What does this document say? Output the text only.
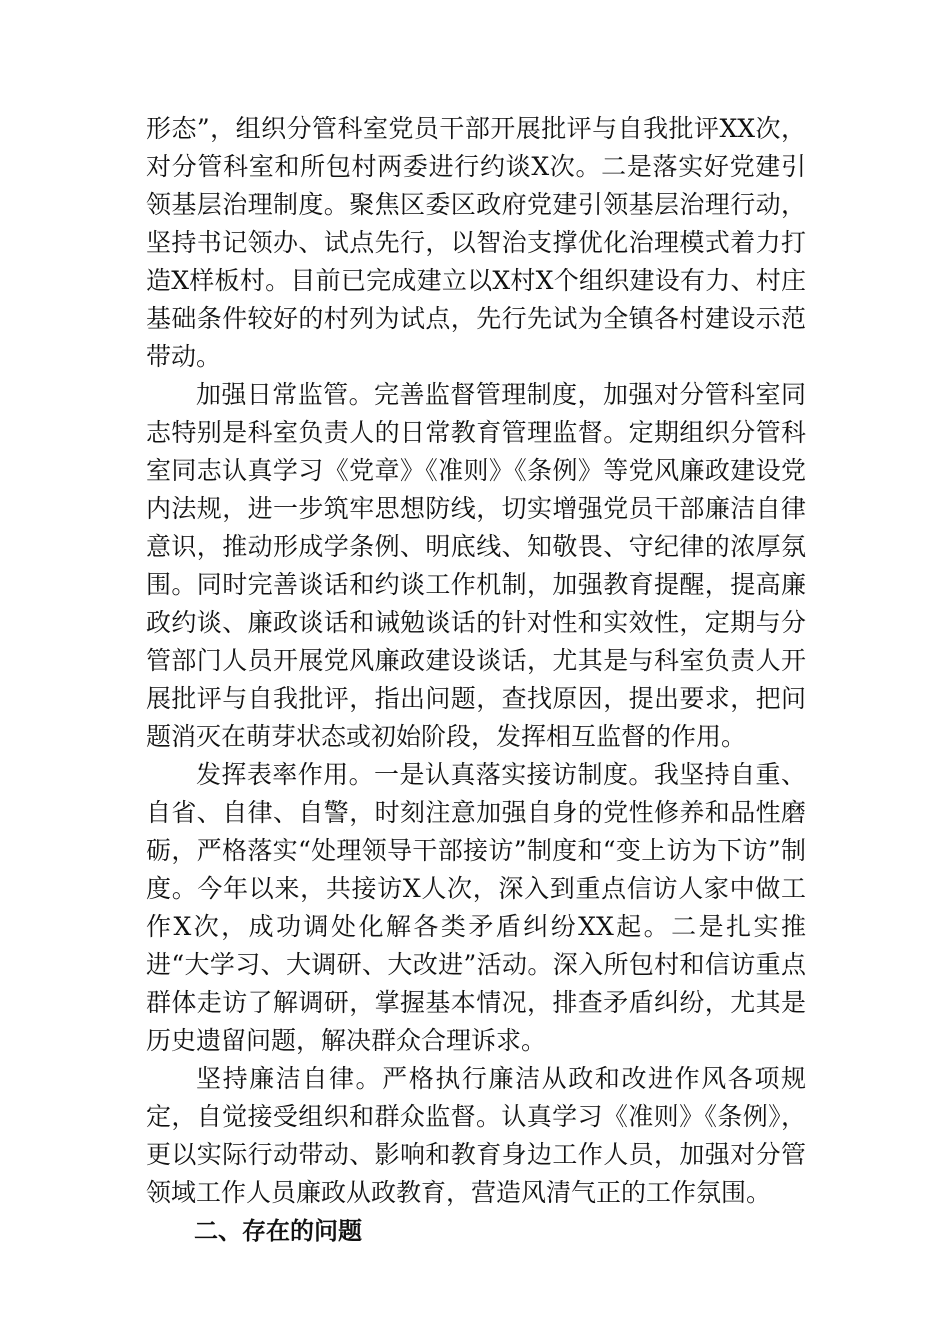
形态”，组织分管科室党员干部开展批评与自我批评XX次，对分管科室和所包村两委进行约谈X次。二是落实好党建引领基层治理制度。聚焦区委区政府党建引领基层治理行动，坚持书记领办、试点先行，以智治支撑优化治理模式着力打造X样板村。目前已完成建立以X村X个组织建设有力、村庄基础条件较好的村列为试点，先行先试为全镇各村建设示范带动。

加强日常监管。完善监督管理制度，加强对分管科室同志特别是科室负责人的日常教育管理监督。定期组织分管科室同志认真学习《党章》《准则》《条例》等党风廉政建设党内法规，进一步筑牢思想防线，切实增强党员干部廉洁自律意识，推动形成学条例、明底线、知敬畏、守纪律的浓厚氛围。同时完善谈话和约谈工作机制，加强教育提醒，提高廉政约谈、廉政谈话和诫勉谈话的针对性和实效性，定期与分管部门人员开展党风廉政建设谈话，尤其是与科室负责人开展批评与自我批评，指出问题，查找原因，提出要求，把问题消灭在萌芽状态或初始阶段，发挥相互监督的作用。

发挥表率作用。一是认真落实接访制度。我坚持自重、自省、自律、自警，时刻注意加强自身的党性修养和品性磨砺，严格落实“处理领导干部接访”制度和“变上访为下访”制度。今年以来，共接访X人次，深入到重点信访人家中做工作X次，成功调处化解各类矛盾纠纷XX起。二是扎实推进“大学习、大调研、大改进”活动。深入所包村和信访重点群体走访了解调研，掌握基本情况，排查矛盾纠纷，尤其是历史遗留问题，解决群众合理诉求。

坚持廉洁自律。严格执行廉洁从政和改进作风各项规定，自觉接受组织和群众监督。认真学习《准则》《条例》，更以实际行动带动、影响和教育身边工作人员，加强对分管领域工作人员廉政从政教育，营造风清气正的工作氛围。

二、存在的问题
